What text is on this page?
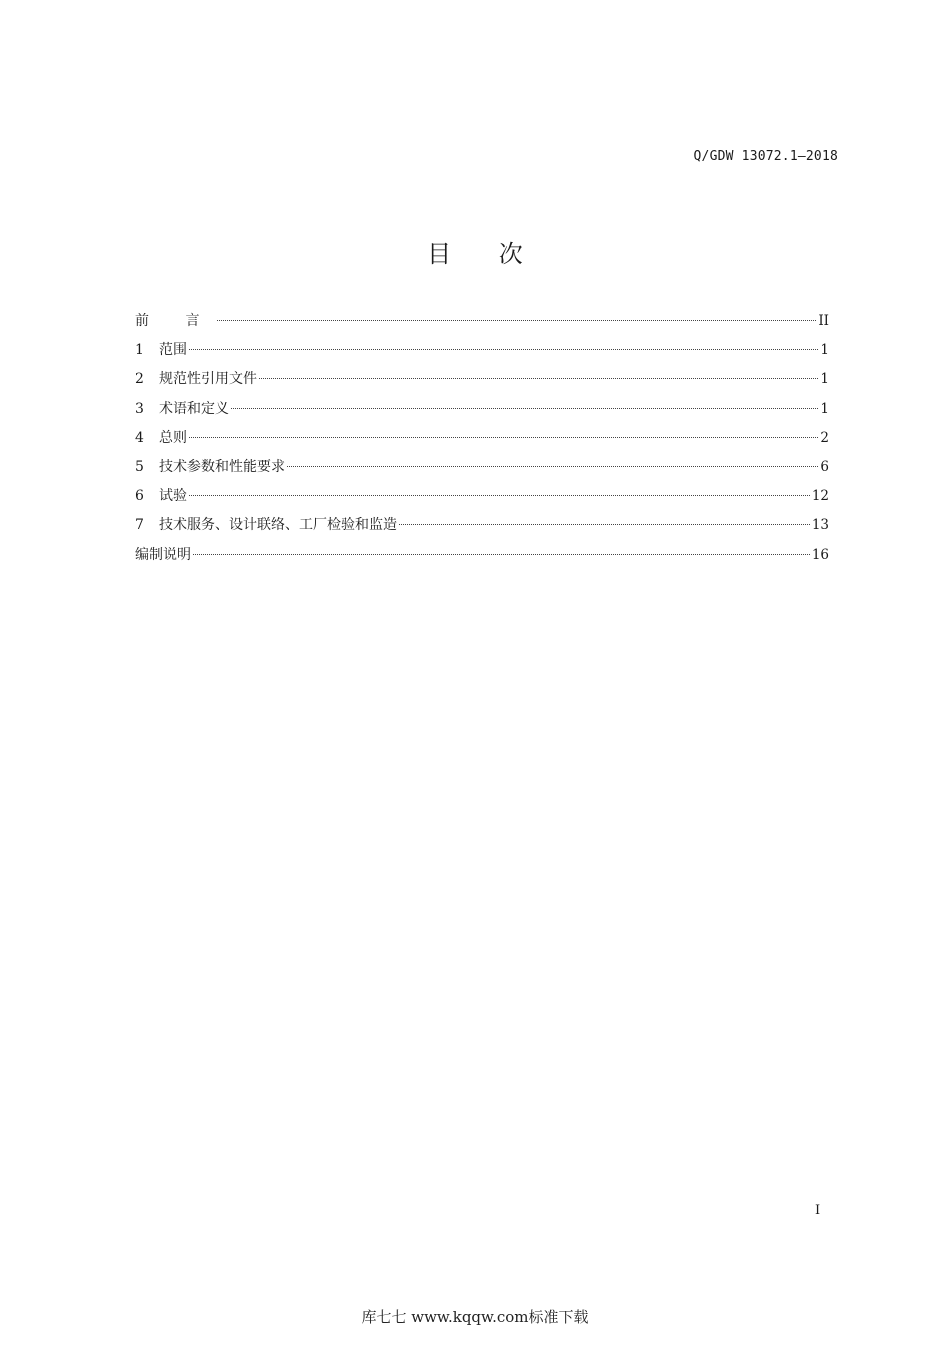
Q/GDW 13072.1—2018
目 次
前 言	II
1	范围	1
2	规范性引用文件	1
3	术语和定义	1
4	总则	2
5	技术参数和性能要求	6
6	试验	12
7	技术服务、设计联络、工厂检验和监造	13
编制说明	16
I
库七七 www.kqqw.com标准下载
